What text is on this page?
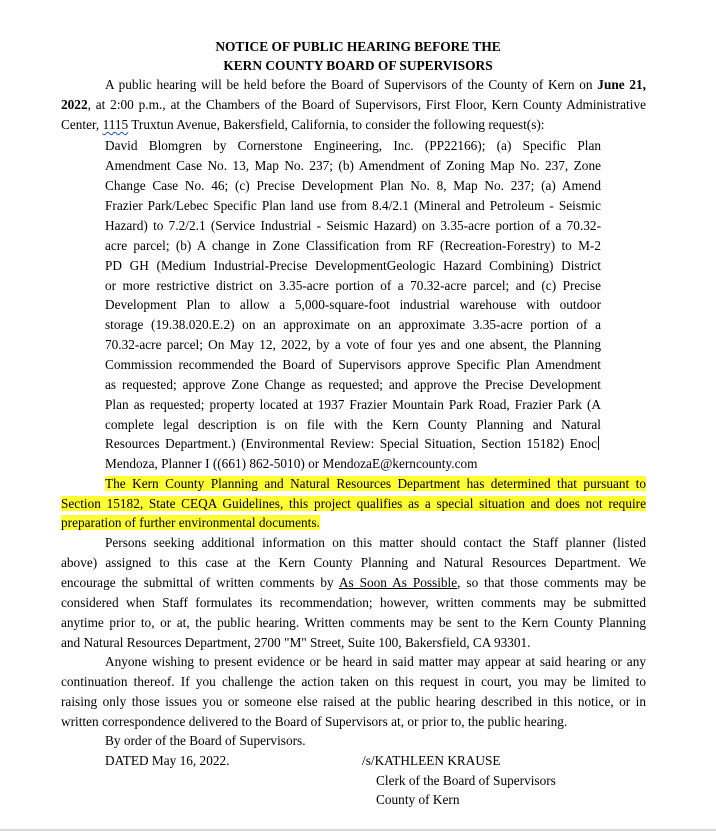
NOTICE OF PUBLIC HEARING BEFORE THE
KERN COUNTY BOARD OF SUPERVISORS
A public hearing will be held before the Board of Supervisors of the County of Kern on June 21,
2022, at 2:00 p.m., at the Chambers of the Board of Supervisors, First Floor, Kern County Administrative
Center, 1115 Truxtun Avenue, Bakersfield, California, to consider the following request(s):
David Blomgren by Cornerstone Engineering, Inc. (PP22166); (a) Specific Plan
Amendment Case No. 13, Map No. 237; (b) Amendment of Zoning Map No. 237, Zone
Change Case No. 46; (c) Precise Development Plan No. 8, Map No. 237; (a) Amend
Frazier Park/Lebec Specific Plan land use from 8.4/2.1 (Mineral and Petroleum - Seismic
Hazard) to 7.2/2.1 (Service Industrial - Seismic Hazard) on 3.35-acre portion of a 70.32-
acre parcel; (b) A change in Zone Classification from RF (Recreation-Forestry) to M-2
PD GH (Medium Industrial-Precise DevelopmentGeologic Hazard Combining) District
or more restrictive district on 3.35-acre portion of a 70.32-acre parcel; and (c) Precise
Development Plan to allow a 5,000-square-foot industrial warehouse with outdoor
storage (19.38.020.E.2) on an approximate on an approximate 3.35-acre portion of a
70.32-acre parcel; On May 12, 2022, by a vote of four yes and one absent, the Planning
Commission recommended the Board of Supervisors approve Specific Plan Amendment
as requested; approve Zone Change as requested; and approve the Precise Development
Plan as requested; property located at 1937 Frazier Mountain Park Road, Frazier Park (A
complete legal description is on file with the Kern County Planning and Natural
Resources Department.) (Environmental Review: Special Situation, Section 15182) Enoc
Mendoza, Planner I ((661) 862-5010) or MendozaE@kerncounty.com
The Kern County Planning and Natural Resources Department has determined that pursuant to
Section 15182, State CEQA Guidelines, this project qualifies as a special situation and does not require
preparation of further environmental documents.
Persons seeking additional information on this matter should contact the Staff planner (listed
above) assigned to this case at the Kern County Planning and Natural Resources Department. We
encourage the submittal of written comments by As Soon As Possible, so that those comments may be
considered when Staff formulates its recommendation; however, written comments may be submitted
anytime prior to, or at, the public hearing. Written comments may be sent to the Kern County Planning
and Natural Resources Department, 2700 "M" Street, Suite 100, Bakersfield, CA 93301.
Anyone wishing to present evidence or be heard in said matter may appear at said hearing or any
continuation thereof. If you challenge the action taken on this request in court, you may be limited to
raising only those issues you or someone else raised at the public hearing described in this notice, or in
written correspondence delivered to the Board of Supervisors at, or prior to, the public hearing.
By order of the Board of Supervisors.
DATED May 16, 2022.	/s/KATHLEEN KRAUSE
Clerk of the Board of Supervisors
County of Kern
